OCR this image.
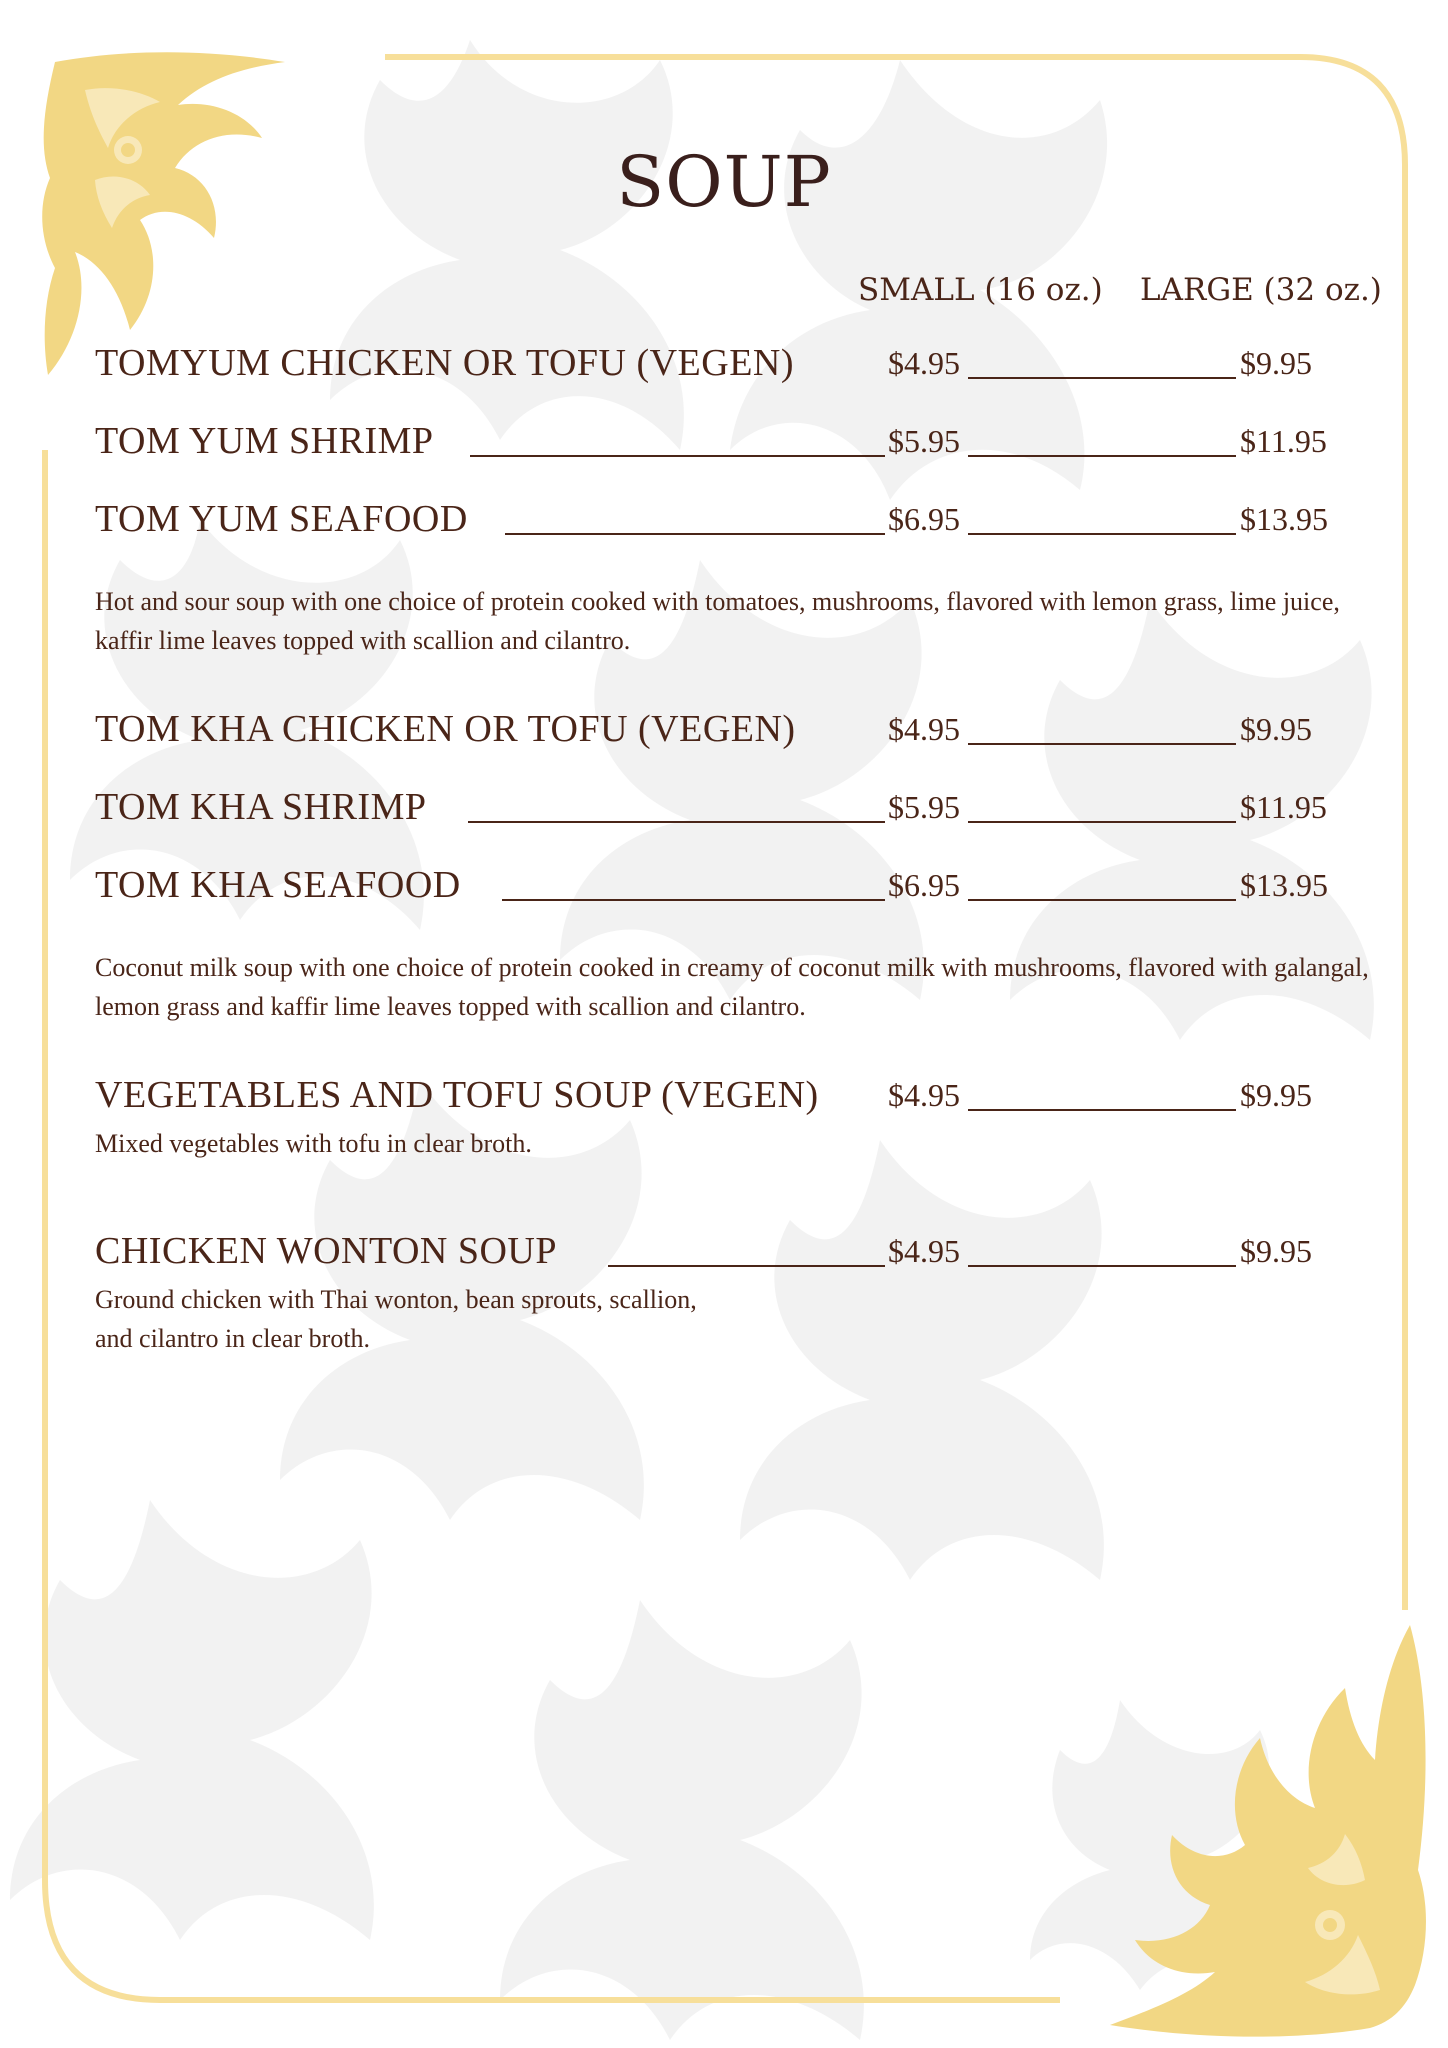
SOUP
SMALL (16 oz.) LARGE (32 oz.)
TOMYUM CHICKEN OR TOFU (VEGEN)	$4.95	$9.95
TOM YUM SHRIMP	$5.95	$11.95
TOM YUM SEAFOOD	$6.95	$13.95
Hot and sour soup with one choice of protein cooked with tomatoes, mushrooms, flavored with lemon grass, lime juice, kaffir lime leaves topped with scallion and cilantro.
TOM KHA CHICKEN OR TOFU (VEGEN)	$4.95	$9.95
TOM KHA SHRIMP	$5.95	$11.95
TOM KHA SEAFOOD	$6.95	$13.95
Coconut milk soup with one choice of protein cooked in creamy of coconut milk with mushrooms, flavored with galangal, lemon grass and kaffir lime leaves topped with scallion and cilantro.
VEGETABLES AND TOFU SOUP (VEGEN) $4.95	$9.95
Mixed vegetables with tofu in clear broth.
CHICKEN WONTON SOUP	$4.95	$9.95
Ground chicken with Thai wonton, bean sprouts, scallion,
and cilantro in clear broth.
